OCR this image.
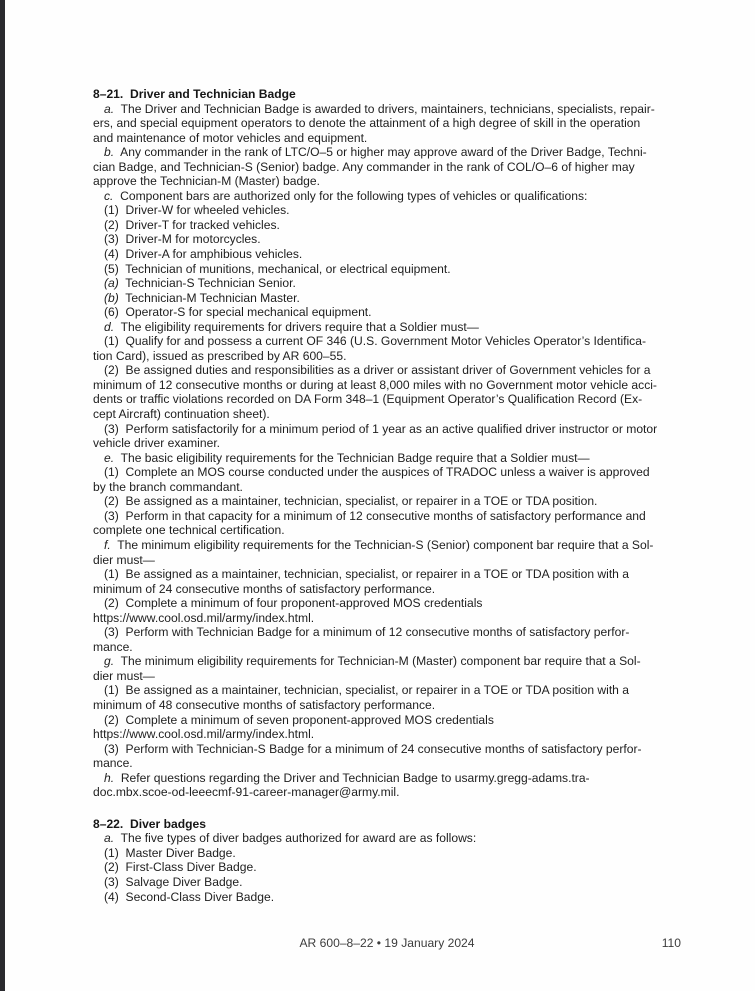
8–21.  Driver and Technician Badge
a.  The Driver and Technician Badge is awarded to drivers, maintainers, technicians, specialists, repair-
ers, and special equipment operators to denote the attainment of a high degree of skill in the operation
and maintenance of motor vehicles and equipment.
b.  Any commander in the rank of LTC/O–5 or higher may approve award of the Driver Badge, Techni-
cian Badge, and Technician-S (Senior) badge. Any commander in the rank of COL/O–6 of higher may
approve the Technician-M (Master) badge.
c.  Component bars are authorized only for the following types of vehicles or qualifications:
(1)  Driver-W for wheeled vehicles.
(2)  Driver-T for tracked vehicles.
(3)  Driver-M for motorcycles.
(4)  Driver-A for amphibious vehicles.
(5)  Technician of munitions, mechanical, or electrical equipment.
(a)  Technician-S Technician Senior.
(b)  Technician-M Technician Master.
(6)  Operator-S for special mechanical equipment.
d.  The eligibility requirements for drivers require that a Soldier must—
(1)  Qualify for and possess a current OF 346 (U.S. Government Motor Vehicles Operator’s Identifica-
tion Card), issued as prescribed by AR 600–55.
(2)  Be assigned duties and responsibilities as a driver or assistant driver of Government vehicles for a
minimum of 12 consecutive months or during at least 8,000 miles with no Government motor vehicle acci-
dents or traffic violations recorded on DA Form 348–1 (Equipment Operator’s Qualification Record (Ex-
cept Aircraft) continuation sheet).
(3)  Perform satisfactorily for a minimum period of 1 year as an active qualified driver instructor or motor
vehicle driver examiner.
e.  The basic eligibility requirements for the Technician Badge require that a Soldier must—
(1)  Complete an MOS course conducted under the auspices of TRADOC unless a waiver is approved
by the branch commandant.
(2)  Be assigned as a maintainer, technician, specialist, or repairer in a TOE or TDA position.
(3)  Perform in that capacity for a minimum of 12 consecutive months of satisfactory performance and
complete one technical certification.
f.  The minimum eligibility requirements for the Technician-S (Senior) component bar require that a Sol-
dier must—
(1)  Be assigned as a maintainer, technician, specialist, or repairer in a TOE or TDA position with a
minimum of 24 consecutive months of satisfactory performance.
(2)  Complete a minimum of four proponent-approved MOS credentials
https://www.cool.osd.mil/army/index.html.
(3)  Perform with Technician Badge for a minimum of 12 consecutive months of satisfactory perfor-
mance.
g.  The minimum eligibility requirements for Technician-M (Master) component bar require that a Sol-
dier must—
(1)  Be assigned as a maintainer, technician, specialist, or repairer in a TOE or TDA position with a
minimum of 48 consecutive months of satisfactory performance.
(2)  Complete a minimum of seven proponent-approved MOS credentials
https://www.cool.osd.mil/army/index.html.
(3)  Perform with Technician-S Badge for a minimum of 24 consecutive months of satisfactory perfor-
mance.
h.  Refer questions regarding the Driver and Technician Badge to usarmy.gregg-adams.tra-
doc.mbx.scoe-od-leeecmf-91-career-manager@army.mil.
8–22.  Diver badges
a.  The five types of diver badges authorized for award are as follows:
(1)  Master Diver Badge.
(2)  First-Class Diver Badge.
(3)  Salvage Diver Badge.
(4)  Second-Class Diver Badge.
AR 600–8–22 • 19 January 2024	110
